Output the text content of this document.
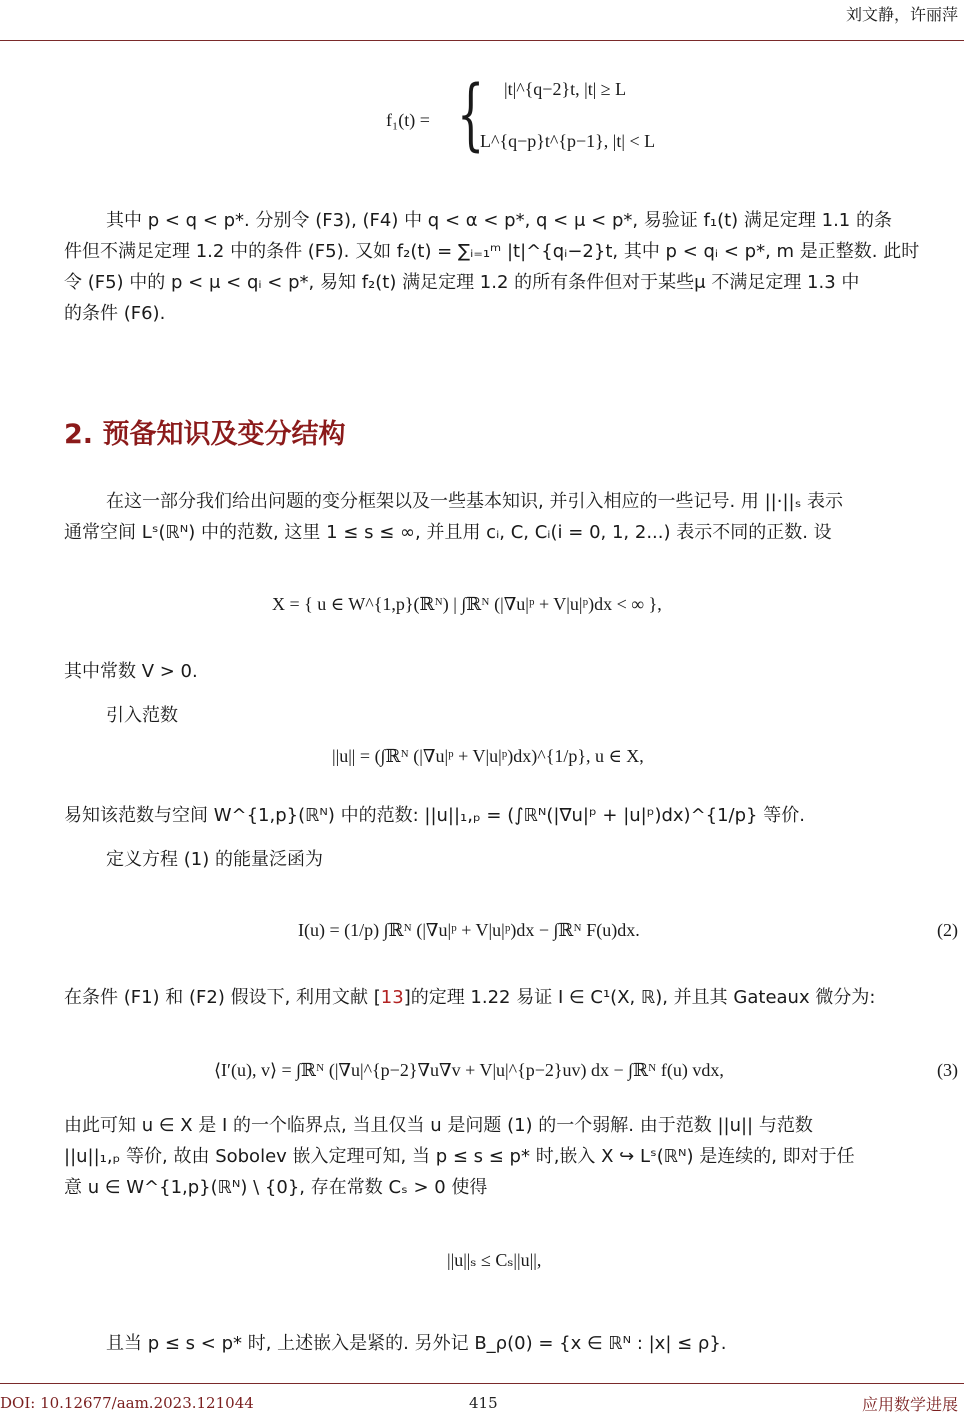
刘文静，许丽萍
f₁(t) = { |t|^{q−2}t, |t| ≥ L
L^{q−p}t^{p−1}, |t| < L
其中 p < q < p*. 分别令 (F3), (F4) 中 q < α < p*, q < μ < p*, 易验证 f₁(t) 满足定理 1.1 的条
件但不满足定理 1.2 中的条件 (F5). 又如 f₂(t) = ∑ᵢ₌₁ᵐ |t|^{qᵢ−2}t, 其中 p < qᵢ < p*, m 是正整数. 此时
令 (F5) 中的 p < μ < qᵢ < p*, 易知 f₂(t) 满足定理 1.2 的所有条件但对于某些μ 不满足定理 1.3 中
的条件 (F6).
2. 预备知识及变分结构
在这一部分我们给出问题的变分框架以及一些基本知识, 并引入相应的一些记号. 用 ||·||ₛ 表示
通常空间 Lˢ(ℝᴺ) 中的范数, 这里 1 ≤ s ≤ ∞, 并且用 cᵢ, C, Cᵢ(i = 0, 1, 2...) 表示不同的正数. 设
X = { u ∈ W^{1,p}(ℝᴺ) | ∫ℝᴺ (|∇u|ᵖ + V|u|ᵖ)dx < ∞ },
其中常数 V > 0.
引入范数
||u|| = (∫ℝᴺ (|∇u|ᵖ + V|u|ᵖ)dx)^{1/p}, u ∈ X,
易知该范数与空间 W^{1,p}(ℝᴺ) 中的范数: ||u||₁,ₚ = (∫ℝᴺ(|∇u|ᵖ + |u|ᵖ)dx)^{1/p} 等价.
定义方程 (1) 的能量泛函为
I(u) = (1/p) ∫ℝᴺ (|∇u|ᵖ + V|u|ᵖ)dx − ∫ℝᴺ F(u)dx.	(2)
在条件 (F1) 和 (F2) 假设下, 利用文献 [13]的定理 1.22 易证 I ∈ C¹(X, ℝ), 并且其 Gateaux 微分为:
⟨I′(u), v⟩ = ∫ℝᴺ (|∇u|^{p−2}∇u∇v + V|u|^{p−2}uv) dx − ∫ℝᴺ f(u) vdx,	(3)
由此可知 u ∈ X 是 I 的一个临界点, 当且仅当 u 是问题 (1) 的一个弱解. 由于范数 ||u|| 与范数
||u||₁,ₚ 等价, 故由 Sobolev 嵌入定理可知, 当 p ≤ s ≤ p* 时,嵌入 X ↪ Lˢ(ℝᴺ) 是连续的, 即对于任
意 u ∈ W^{1,p}(ℝᴺ) \ {0}, 存在常数 Cₛ > 0 使得
||u||ₛ ≤ Cₛ||u||,
且当 p ≤ s < p* 时, 上述嵌入是紧的. 另外记 B_ρ(0) = {x ∈ ℝᴺ : |x| ≤ ρ}.
DOI: 10.12677/aam.2023.121044	415	应用数学进展
